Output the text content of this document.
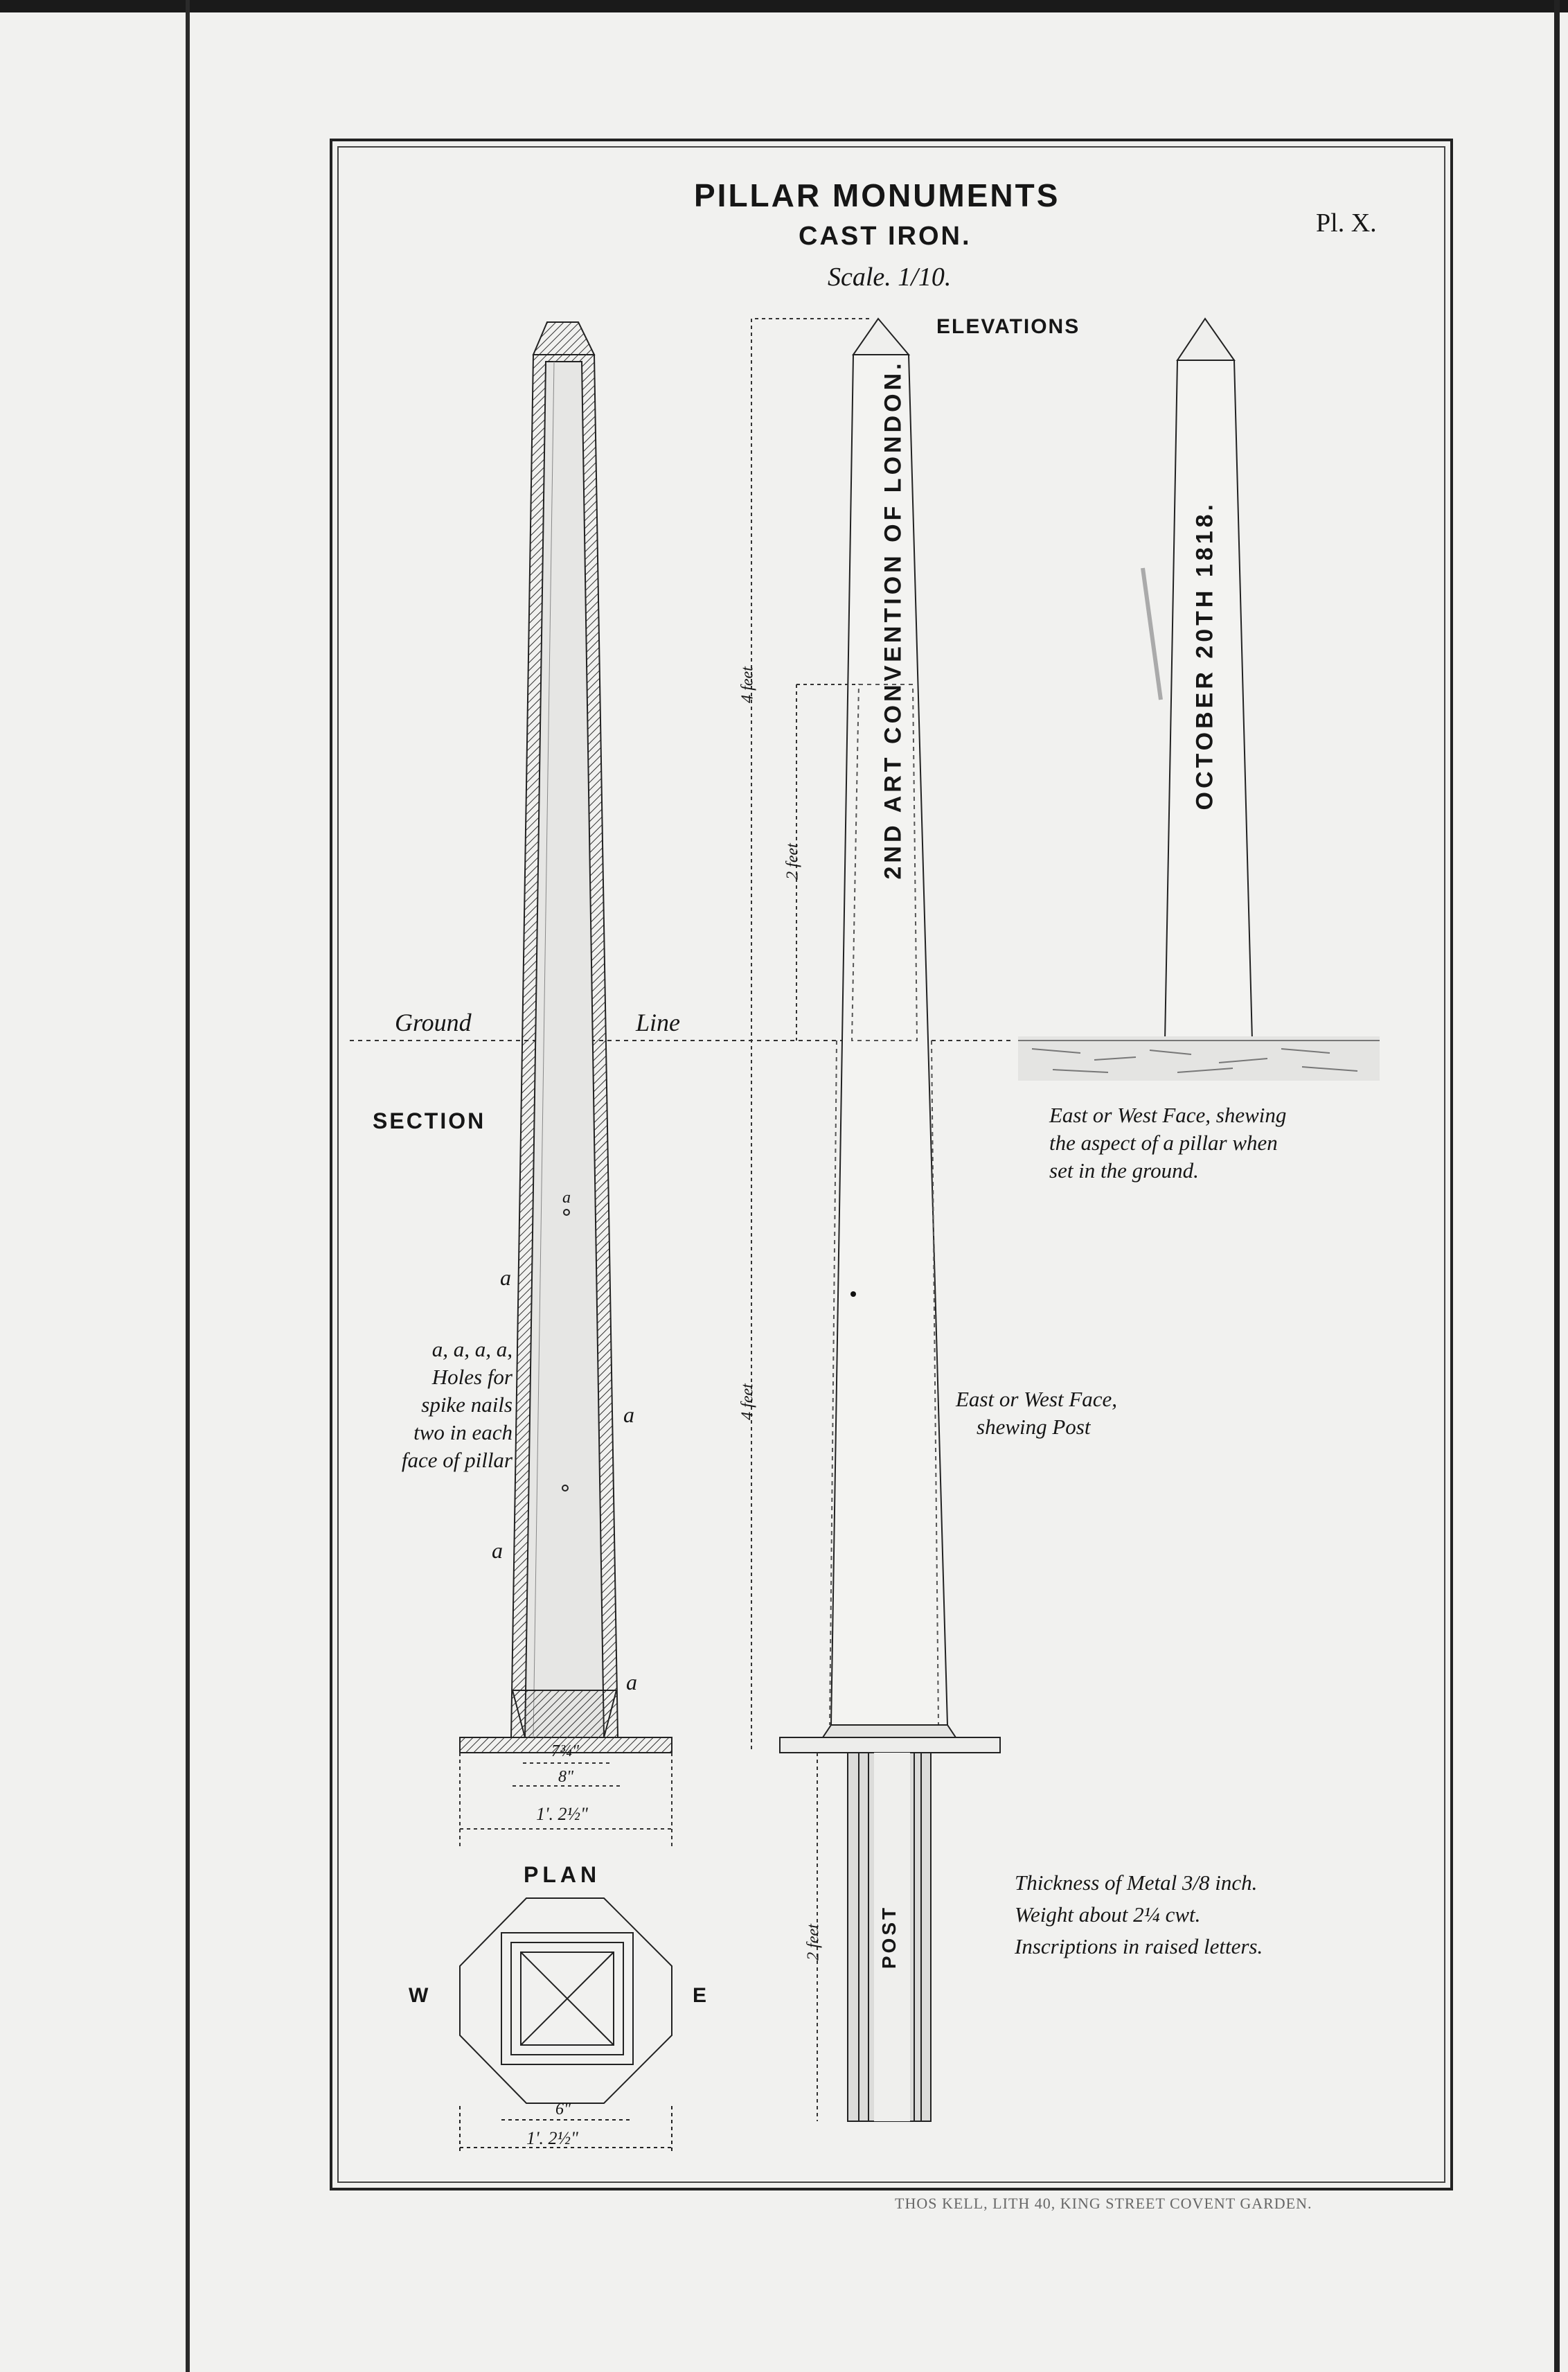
PILLAR MONUMENTS
CAST IRON.
Scale. 1/10.
Pl. X.
ELEVATIONS
SECTION
PLAN
W	E
Ground	Line
2ND ART CONVENTION OF LONDON.	OCTOBER 20TH 1818.
POST
4 feet
2 feet
4 feet
2 feet
7¾"
8"
1'. 2½"
6"
1'. 2½"
a
a
a
a
a
a, a, a, a,
Holes for
spike nails
two in each
face of pillar
East or West Face, shewing
the aspect of a pillar when
set in the ground.
East or West Face,
shewing Post
Thickness of Metal 3/8 inch.
Weight about 2¼ cwt.
Inscriptions in raised letters.
THOS KELL, LITH 40, KING STREET COVENT GARDEN.
